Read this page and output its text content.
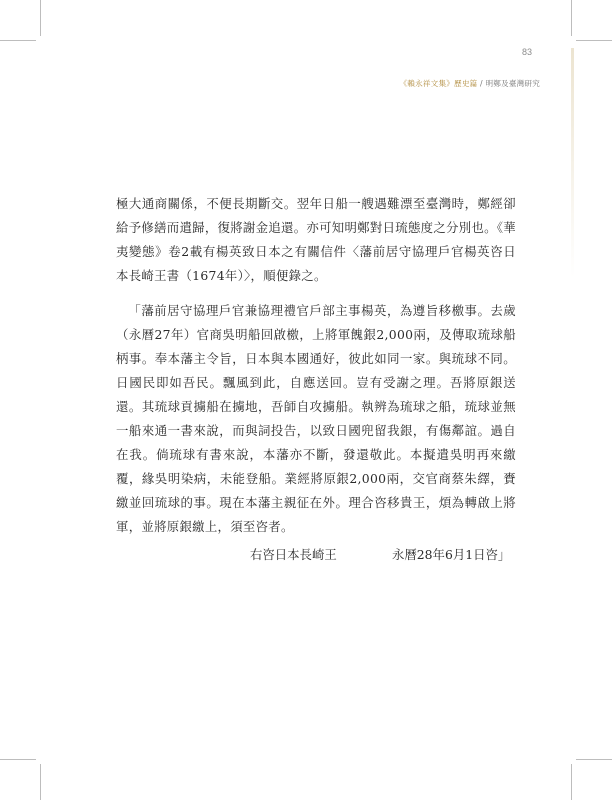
83
《賴永祥文集》歷史篇 / 明鄭及臺灣研究

極大通商關係，不便長期斷交。翌年日船一艘遇難漂至臺灣時，鄭經卻給予修繕而遣歸，復將謝金追還。亦可知明鄭對日琉態度之分別也。《華夷變態》卷2載有楊英致日本之有關信件〈藩前居守協理戶官楊英咨日本長崎王書（1674年）〉，順便錄之。

「藩前居守協理戶官兼協理禮官戶部主事楊英，為遵旨移檄事。去歲（永曆27年）官商吳明船回啟檄，上將軍餽銀2,000兩，及傳取琉球船柄事。奉本藩主令旨，日本與本國通好，彼此如同一家。與琉球不同。日國民即如吾民。飄風到此，自應送回。豈有受謝之理。吾將原銀送還。其琉球貢擄船在擄地，吾師自攻擄船。執辨為琉球之船，琉球並無一船來通一書來說，而與詞投告，以致日國兜留我銀，有傷鄰誼。過自在我。倘琉球有書來說，本藩亦不斷，發還敬此。本擬遣吳明再來繳覆，緣吳明染病，未能登船。業經將原銀2,000兩，交官商蔡朱繹，賚繳並回琉球的事。現在本藩主親征在外。理合咨移貴王，煩為轉啟上將軍，並將原銀繳上，須至咨者。

右咨日本長崎王	永曆28年6月1日咨」
